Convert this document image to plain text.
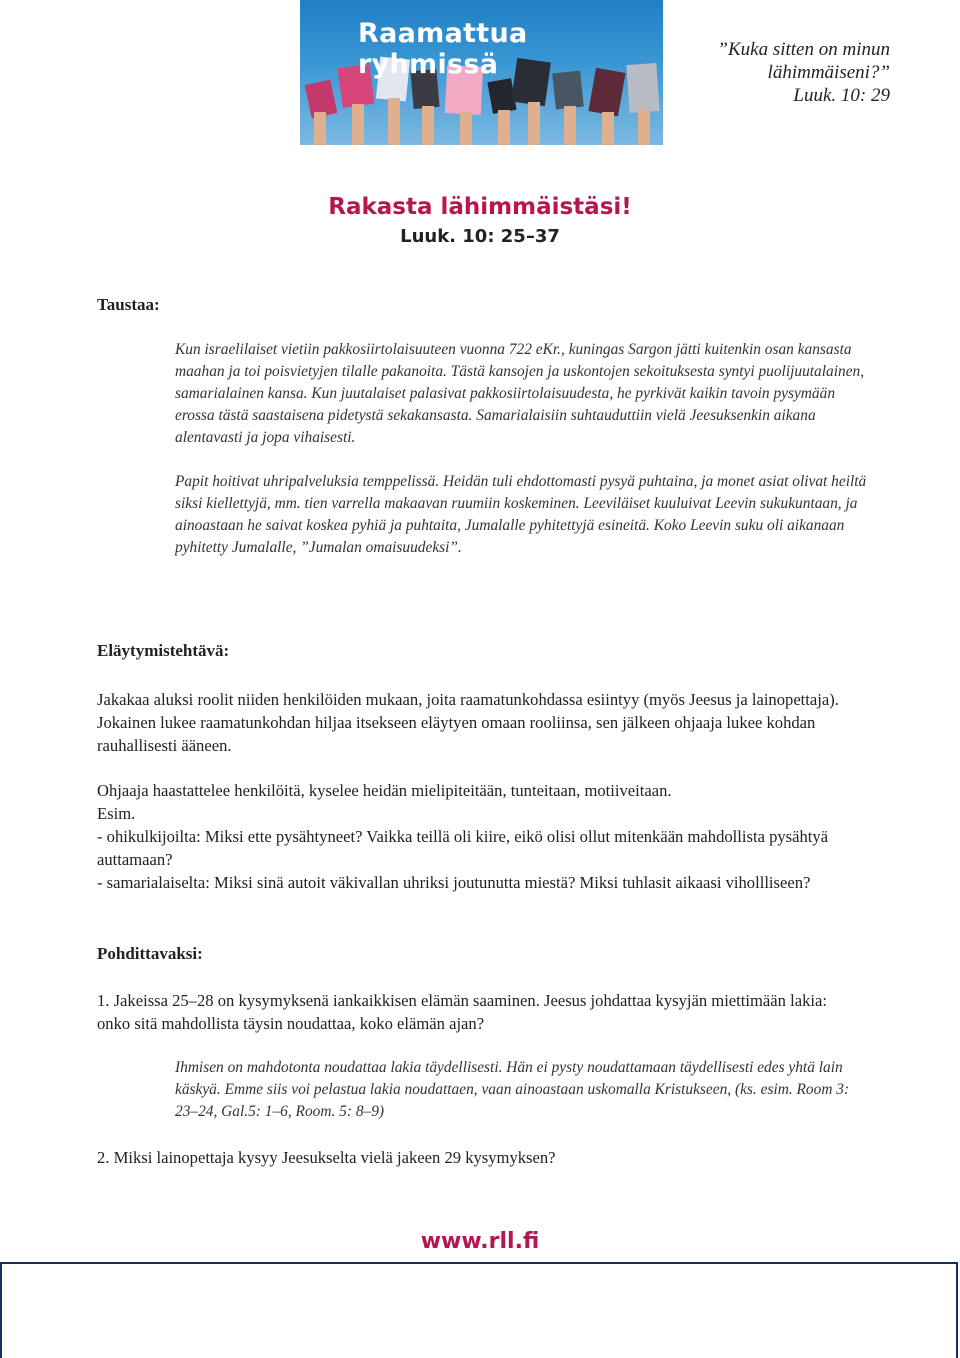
Raamattua ryhmissä	”Kuka sitten on minun
lähimmäiseni?”
Luuk. 10: 29
Rakasta lähimmäistäsi!
Luuk. 10: 25–37
Taustaa:

Kun israelilaiset vietiin pakkosiirtolaisuuteen vuonna 722 eKr., kuningas Sargon jätti kuitenkin osan kansasta maahan ja toi poisvietyjen tilalle pakanoita. Tästä kansojen ja uskontojen sekoituksesta syntyi puolijuutalainen, samarialainen kansa. Kun juutalaiset palasivat pakkosiirtolaisuudesta, he pyrkivät kaikin tavoin pysymään erossa tästä saastaisena pidetystä sekakansasta. Samarialaisiin suhtauduttiin vielä Jeesuksenkin aikana alentavasti ja jopa vihaisesti.

Papit hoitivat uhripalveluksia temppelissä. Heidän tuli ehdottomasti pysyä puhtaina, ja monet asiat olivat heiltä siksi kiellettyjä, mm. tien varrella makaavan ruumiin koskeminen. Leeviläiset kuuluivat Leevin sukukuntaan, ja ainoastaan he saivat koskea pyhiä ja puhtaita, Jumalalle pyhitettyjä esineitä. Koko Leevin suku oli aikanaan pyhitetty Jumalalle, ”Jumalan omaisuudeksi”.

Eläytymistehtävä:

Jakakaa aluksi roolit niiden henkilöiden mukaan, joita raamatunkohdassa esiintyy (myös Jeesus ja lainopettaja). Jokainen lukee raamatunkohdan hiljaa itsekseen eläytyen omaan rooliinsa, sen jälkeen ohjaaja lukee kohdan rauhallisesti ääneen.

Ohjaaja haastattelee henkilöitä, kyselee heidän mielipiteitään, tunteitaan, motiiveitaan.

Esim.

- ohikulkijoilta: Miksi ette pysähtyneet? Vaikka teillä oli kiire, eikö olisi ollut mitenkään mahdollista pysähtyä auttamaan?

- samarialaiselta: Miksi sinä autoit väkivallan uhriksi joutunutta miestä? Miksi tuhlasit aikaasi vihollliseen?

Pohdittavaksi:

1. Jakeissa 25–28 on kysymyksenä iankaikkisen elämän saaminen. Jeesus johdattaa kysyjän miettimään lakia: onko sitä mahdollista täysin noudattaa, koko elämän ajan?

Ihmisen on mahdotonta noudattaa lakia täydellisesti. Hän ei pysty noudattamaan täydellisesti edes yhtä lain käskyä. Emme siis voi pelastua lakia noudattaen, vaan ainoastaan uskomalla Kristukseen, (ks. esim. Room 3: 23–24, Gal.5: 1–6, Room. 5: 8–9)

2. Miksi lainopettaja kysyy Jeesukselta vielä jakeen 29 kysymyksen?

www.rll.fi
